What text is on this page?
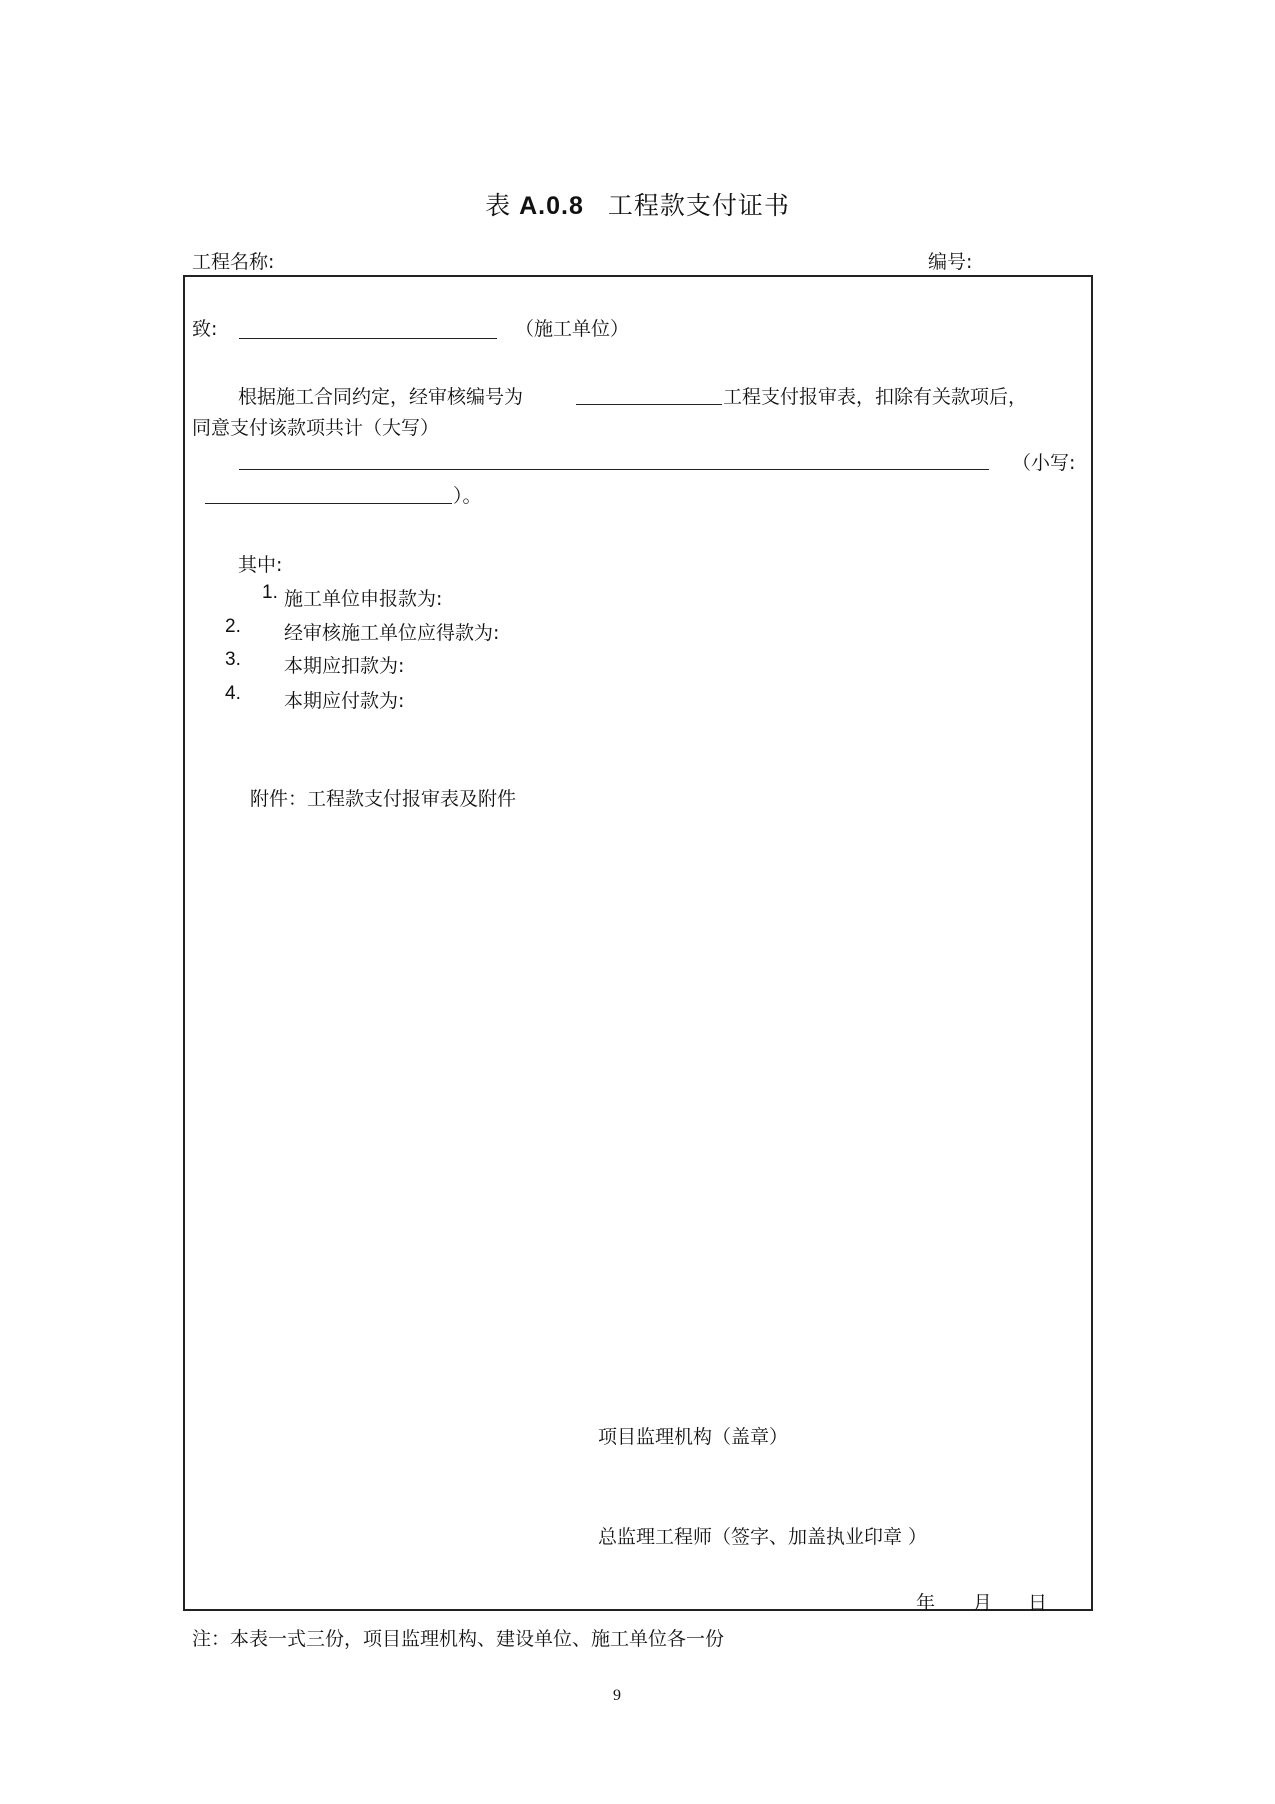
表 A.0.8 工程款支付证书
工程名称:	编号:
致:	（施工单位）
根据施工合同约定，经审核编号为	工程支付报审表，扣除有关款项后，
同意支付该款项共计（大写）
（小写:
）。
其中:
1. 施工单位申报款为:
2. 经审核施工单位应得款为:
3. 本期应扣款为:
4. 本期应付款为:
附件：工程款支付报审表及附件
项目监理机构（盖章）
总监理工程师（签字、加盖执业印章 ）
年 月 日
注：本表一式三份，项目监理机构、建设单位、施工单位各一份
9
